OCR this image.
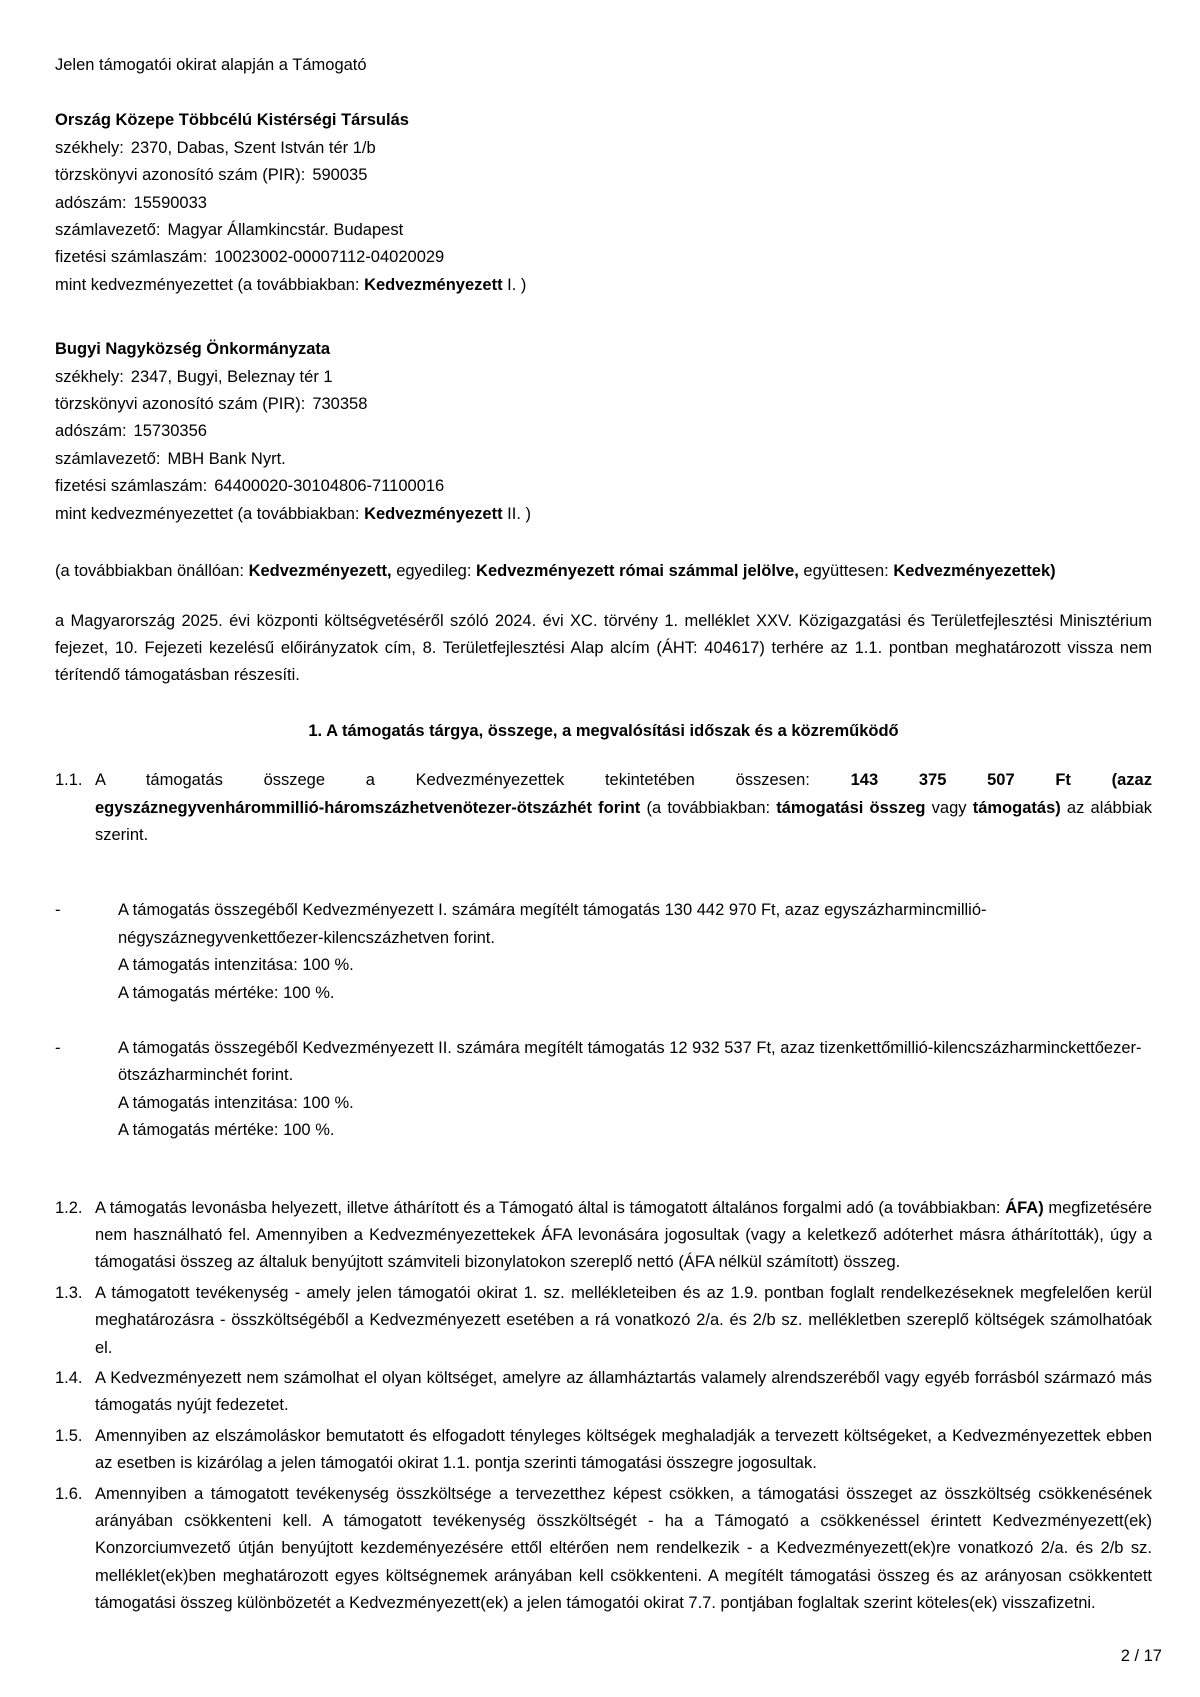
Jelen támogatói okirat alapján a Támogató

Ország Közepe Többcélú Kistérségi Társulás
székhely: 2370, Dabas, Szent István tér 1/b
törzskönyvi azonosító szám (PIR): 590035
adószám: 15590033
számlavezető: Magyar Államkincstár. Budapest
fizetési számlaszám: 10023002-00007112-04020029
mint kedvezményezettet (a továbbiakban: Kedvezményezett I. )
Bugyi Nagyközség Önkormányzata
székhely: 2347, Bugyi, Beleznay tér 1
törzskönyvi azonosító szám (PIR): 730358
adószám: 15730356
számlavezető: MBH Bank Nyrt.
fizetési számlaszám: 64400020-30104806-71100016
mint kedvezményezettet (a továbbiakban: Kedvezményezett II. )

(a továbbiakban önállóan: Kedvezményezett, egyedileg: Kedvezményezett római számmal jelölve, együttesen: Kedvezményezettek)

a Magyarország 2025. évi központi költségvetéséről szóló 2024. évi XC. törvény 1. melléklet XXV. Közigazgatási és Területfejlesztési Minisztérium fejezet, 10. Fejezeti kezelésű előirányzatok cím, 8. Területfejlesztési Alap alcím (ÁHT: 404617) terhére az 1.1. pontban meghatározott vissza nem térítendő támogatásban részesíti.

1. A támogatás tárgya, összege, a megvalósítási időszak és a közreműködő

1.1. A támogatás összege a Kedvezményezettek tekintetében összesen: 143 375 507 Ft (azaz egyszáznegyvenhárommillió-háromszázhetvenötezer-ötszázhét forint (a továbbiakban: támogatási összeg vagy támogatás) az alábbiak szerint.
-	A támogatás összegéből Kedvezményezett I. számára megítélt támogatás 130 442 970 Ft, azaz egyszázharmincmillió-négyszáznegyvenkettőezer-kilencszázhetven forint.
A támogatás intenzitása: 100 %.
A támogatás mértéke: 100 %.
-	A támogatás összegéből Kedvezményezett II. számára megítélt támogatás 12 932 537 Ft, azaz tizenkettőmillió-kilencszázharminckettőezer-ötszázharminchét forint.
A támogatás intenzitása: 100 %.
A támogatás mértéke: 100 %.
1.2. A támogatás levonásba helyezett, illetve áthárított és a Támogató által is támogatott általános forgalmi adó (a továbbiakban: ÁFA) megfizetésére nem használható fel. Amennyiben a Kedvezményezettekek ÁFA levonására jogosultak (vagy a keletkező adóterhet másra áthárították), úgy a támogatási összeg az általuk benyújtott számviteli bizonylatokon szereplő nettó (ÁFA nélkül számított) összeg.
1.3. A támogatott tevékenység - amely jelen támogatói okirat 1. sz. mellékleteiben és az 1.9. pontban foglalt rendelkezéseknek megfelelően kerül meghatározásra - összköltségéből a Kedvezményezett esetében a rá vonatkozó 2/a. és 2/b sz. mellékletben szereplő költségek számolhatóak el.
1.4. A Kedvezményezett nem számolhat el olyan költséget, amelyre az államháztartás valamely alrendszeréből vagy egyéb forrásból származó más támogatás nyújt fedezetet.
1.5. Amennyiben az elszámoláskor bemutatott és elfogadott tényleges költségek meghaladják a tervezett költségeket, a Kedvezményezettek ebben az esetben is kizárólag a jelen támogatói okirat 1.1. pontja szerinti támogatási összegre jogosultak.
1.6. Amennyiben a támogatott tevékenység összköltsége a tervezetthez képest csökken, a támogatási összeget az összköltség csökkenésének arányában csökkenteni kell. A támogatott tevékenység összköltségét - ha a Támogató a csökkenéssel érintett Kedvezményezett(ek) Konzorciumvezető útján benyújtott kezdeményezésére ettől eltérően nem rendelkezik - a Kedvezményezett(ek)re vonatkozó 2/a. és 2/b sz. melléklet(ek)ben meghatározott egyes költségnemek arányában kell csökkenteni. A megítélt támogatási összeg és az arányosan csökkentett támogatási összeg különbözetét a Kedvezményezett(ek) a jelen támogatói okirat 7.7. pontjában foglaltak szerint köteles(ek) visszafizetni.
2 / 17
